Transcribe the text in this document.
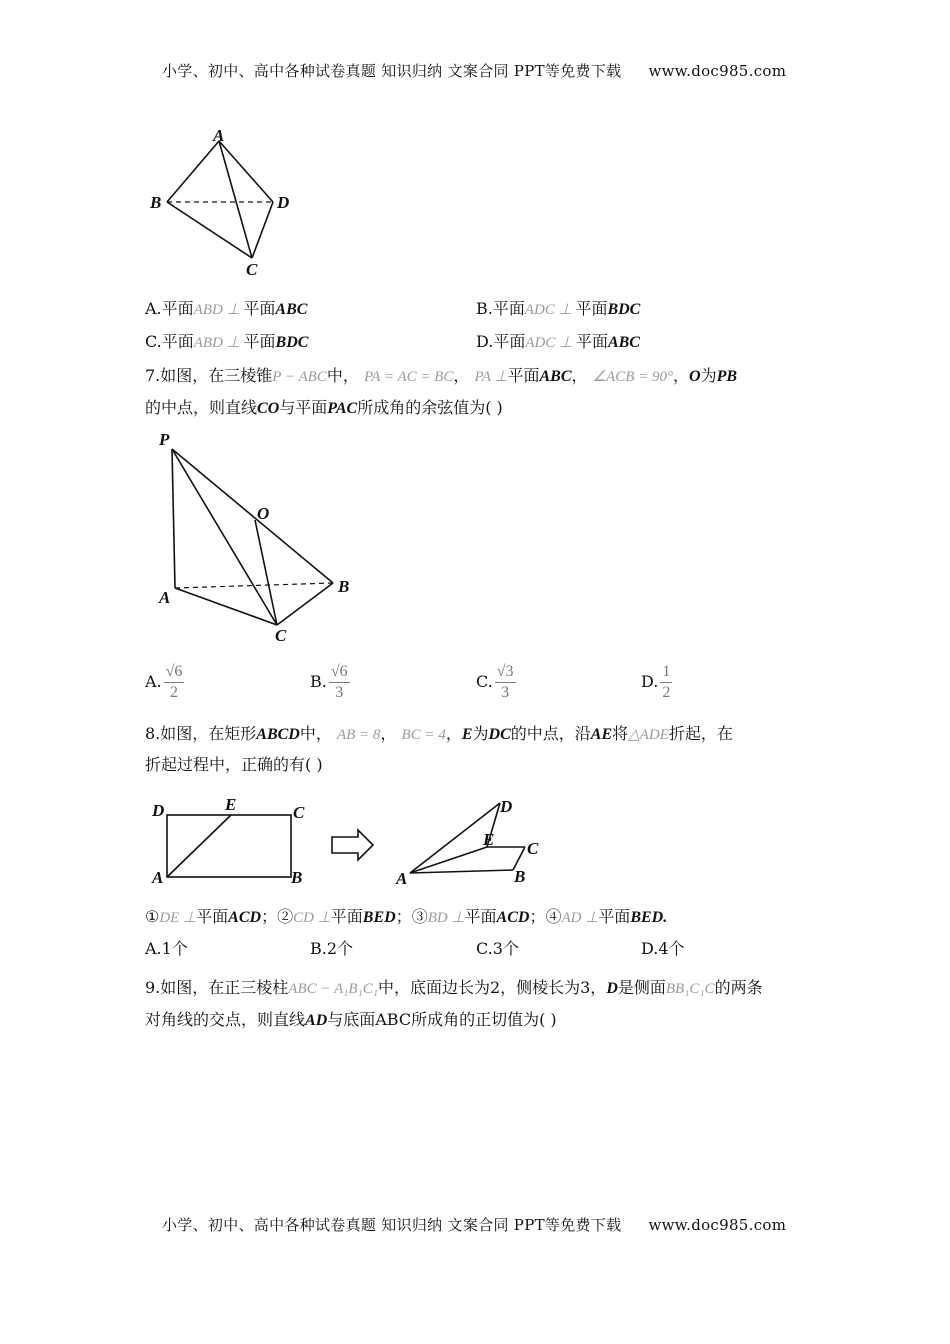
小学、初中、高中各种试卷真题 知识归纳 文案合同 PPT等免费下载 www.doc985.com
A
B	D
C
A.平面ABD ⊥ 平面ABC	B.平面ADC ⊥ 平面BDC
C.平面ABD ⊥ 平面BDC	D.平面ADC ⊥ 平面ABC
7.如图，在三棱锥P − ABC中， PA = AC = BC， PA ⊥平面ABC， ∠ACB = 90°，O为PB
的中点，则直线CO与平面PAC所成角的余弦值为( )
P
O
A
B
C
A. $\frac{√6}{2}$	B. $\frac{√6}{3}$	C. $\frac{√3}{3}$	D. $\frac{1}{2}$
8.如图，在矩形ABCD中， AB = 8， BC = 4，E为DC的中点，沿AE将△ADE折起，在
折起过程中，正确的有( )
D	E	C
A	B
D
E C
A	B
①DE ⊥平面ACD；②CD ⊥平面BED；③BD ⊥平面ACD；④AD ⊥平面BED.
A.1个	B.2个	C.3个	D.4个
9.如图，在正三棱柱ABC − A₁B₁C₁中，底面边长为2，侧棱长为3，D是侧面BB₁C₁C的两条
对角线的交点，则直线AD与底面ABC所成角的正切值为( )
小学、初中、高中各种试卷真题 知识归纳 文案合同 PPT等免费下载 www.doc985.com
